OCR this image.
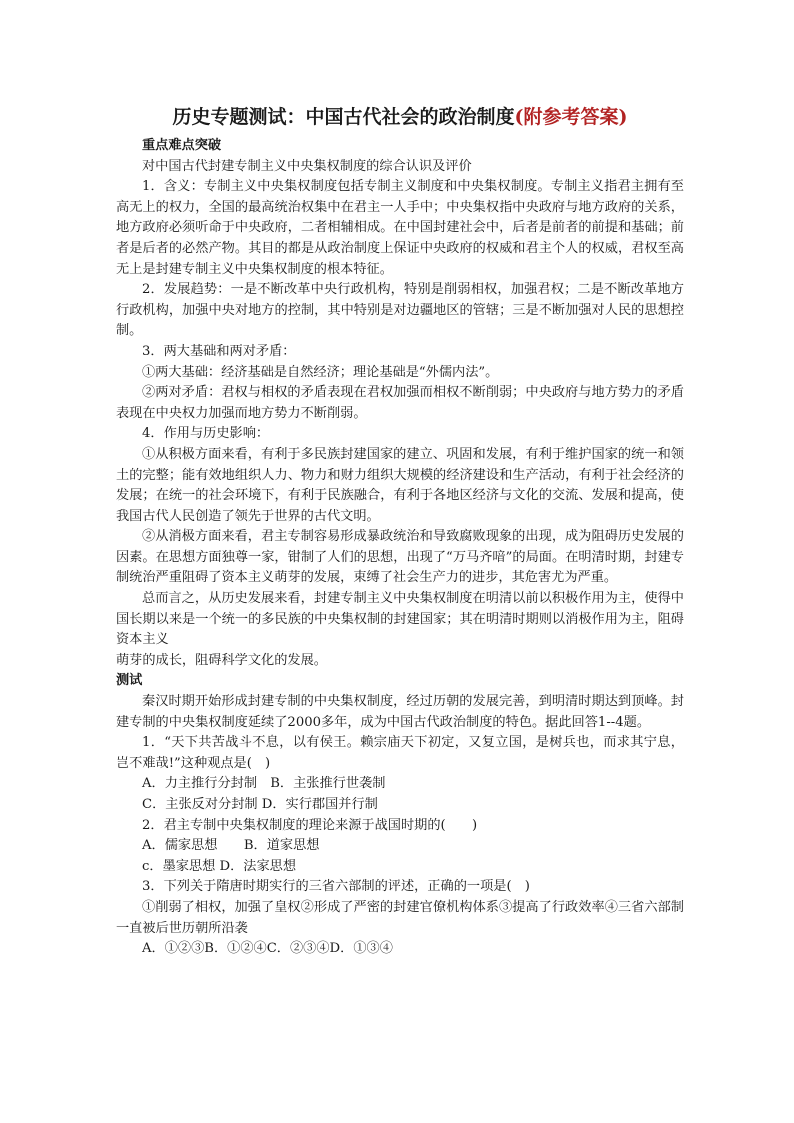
历史专题测试：中国古代社会的政治制度(附参考答案)

重点难点突破

对中国古代封建专制主义中央集权制度的综合认识及评价

1．含义：专制主义中央集权制度包括专制主义制度和中央集权制度。专制主义指君主拥有至高无上的权力，全国的最高统治权集中在君主一人手中；中央集权指中央政府与地方政府的关系，地方政府必须听命于中央政府，二者相辅相成。在中国封建社会中，后者是前者的前提和基础；前者是后者的必然产物。其目的都是从政治制度上保证中央政府的权威和君主个人的权威，君权至高无上是封建专制主义中央集权制度的根本特征。

2．发展趋势：一是不断改革中央行政机构，特别是削弱相权，加强君权；二是不断改革地方行政机构，加强中央对地方的控制，其中特别是对边疆地区的管辖；三是不断加强对人民的思想控制。

3．两大基础和两对矛盾：

①两大基础：经济基础是自然经济；理论基础是“外儒内法”。

②两对矛盾：君权与相权的矛盾表现在君权加强而相权不断削弱；中央政府与地方势力的矛盾表现在中央权力加强而地方势力不断削弱。

4．作用与历史影响：

①从积极方面来看，有利于多民族封建国家的建立、巩固和发展，有利于维护国家的统一和领土的完整；能有效地组织人力、物力和财力组织大规模的经济建设和生产活动，有利于社会经济的发展；在统一的社会环境下，有利于民族融合，有利于各地区经济与文化的交流、发展和提高，使我国古代人民创造了领先于世界的古代文明。

②从消极方面来看，君主专制容易形成暴政统治和导致腐败现象的出现，成为阻碍历史发展的因素。在思想方面独尊一家，钳制了人们的思想，出现了“万马齐喑”的局面。在明清时期，封建专制统治严重阻碍了资本主义萌芽的发展，束缚了社会生产力的进步，其危害尤为严重。

总而言之，从历史发展来看，封建专制主义中央集权制度在明清以前以积极作用为主，使得中国长期以来是一个统一的多民族的中央集权制的封建国家；其在明清时期则以消极作用为主，阻碍资本主义

萌芽的成长，阻碍科学文化的发展。

测试

秦汉时期开始形成封建专制的中央集权制度，经过历朝的发展完善，到明清时期达到顶峰。封建专制的中央集权制度延续了2000多年，成为中国古代政治制度的特色。据此回答1--4题。

1．“天下共苦战斗不息，以有侯王。赖宗庙天下初定，又复立国，是树兵也，而求其宁息，岂不难哉!”这种观点是(　)

A．力主推行分封制　B．主张推行世袭制

C．主张反对分封制 D．实行郡国并行制

2．君主专制中央集权制度的理论来源于战国时期的(　　)

A．儒家思想　　B．道家思想

c．墨家思想 D．法家思想

3．下列关于隋唐时期实行的三省六部制的评述，正确的一项是(　)

①削弱了相权，加强了皇权②形成了严密的封建官僚机构体系③提高了行政效率④三省六部制一直被后世历朝所沿袭

A．①②③B．①②④C．②③④D．①③④
